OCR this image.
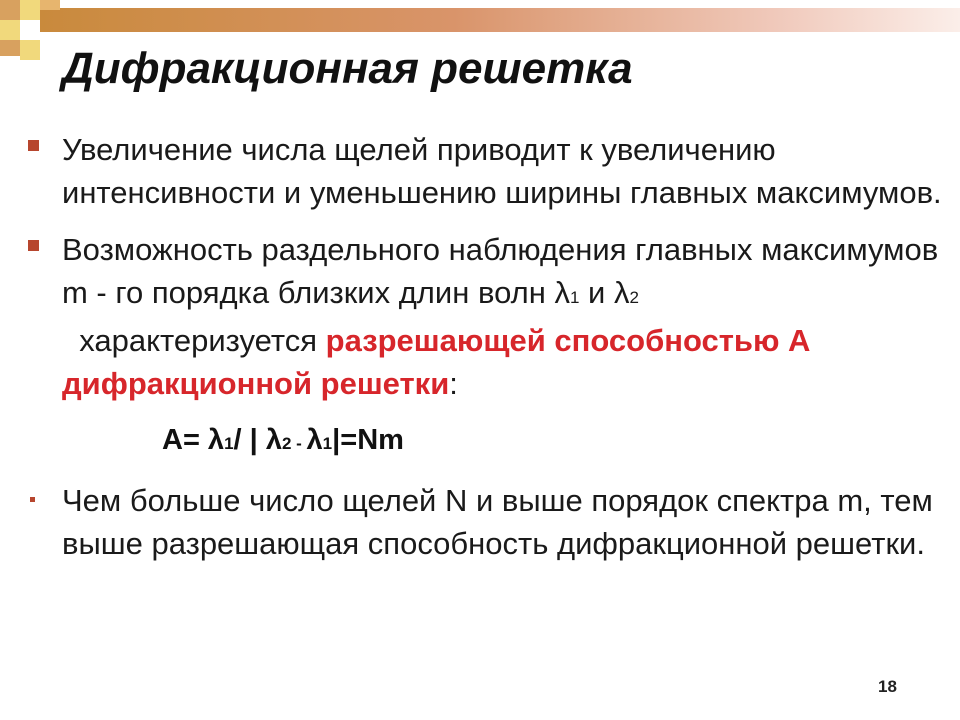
Дифракционная решетка
Увеличение числа щелей приводит к увеличению интенсивности и уменьшению ширины главных максимумов.
Возможность раздельного наблюдения главных максимумов m - го порядка близких длин волн λ1 и λ2  характеризуется разрешающей способностью A дифракционной решетки:
A= λ1/ | λ2 - λ1|=Nm
Чем больше число щелей N и выше порядок спектра m, тем выше разрешающая способность дифракционной решетки.
18
